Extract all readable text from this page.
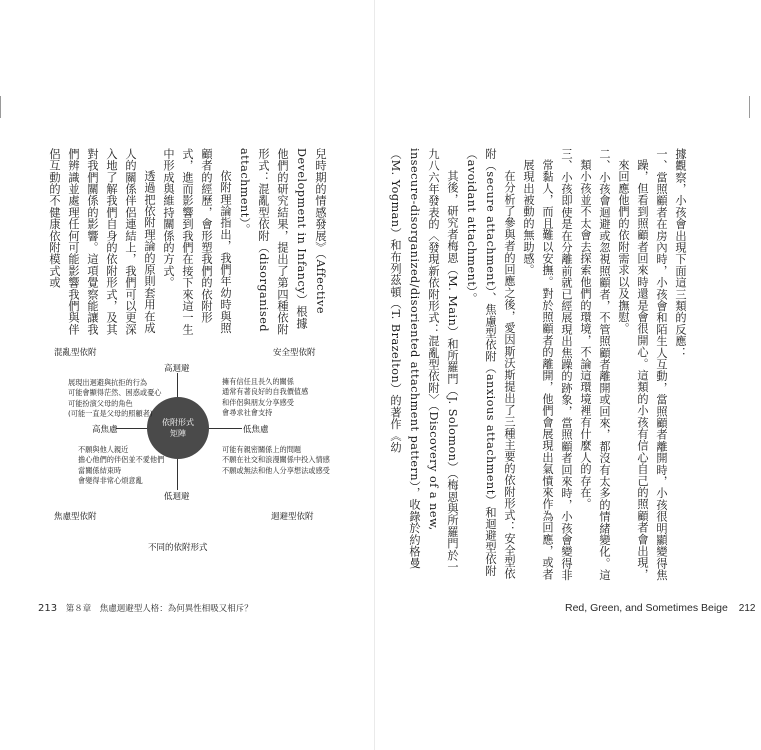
兒時期的情感發展》（Affective Development in Infancy）根據他們的研究結果，提出了第四種依附形式：混亂型依附（disorganised attachment）。

依附理論指出，我們年幼時與照顧者的經歷，會形塑我們的依附形式，進而影響到我們在接下來這一生中形成與維持關係的方式。

透過把依附理論的原則套用在成人的關係伴侶連結上，我們可以更深入地了解我們自身的依附形式，及其對我們關係的影響。這項覺察能讓我們辨識並處理任何可能影響我們與伴侶互動的不健康依附模式或

混亂型依附	安全型依附
焦慮型依附	迴避型依附
高迴避
低迴避
高焦慮	低焦慮
依附形式
矩陣
展現出迴避與抗拒的行為
可能會顯得茫然、困惑或憂心
可能扮演父母的角色
(可能一直是父母的照顧者)
擁有信任且長久的關係
通常有著良好的自我價值感
和伴侶與朋友分享感受
會尋求社會支持
不願與他人親近
擔心他們的伴侶並不愛他們
當關係結束時
會變得非常心煩意亂
可能有親密關係上的問題
不願在社交和浪漫關係中投入情感
不願或無法和他人分享想法或感受
不同的依附形式
213 第８章　焦慮迴避型人格：為何異性相吸又相斥？

據觀察，小孩會出現下面這三類的反應：

一、當照顧者在房內時，小孩會和陌生人互動，當照顧者離開時，小孩很明顯變得焦躁，但看到照顧者回來時還是會很開心。這類的小孩有信心自己的照顧者會出現，來回應他們的依附需求以及撫慰。

二、小孩會迴避或忽視照顧者，不管照顧者離開或回來，都沒有太多的情緒變化。這類小孩並不太會去探索他們的環境，不論這環境裡有什麼人的存在。

三、小孩即使是在分離前就已經展現出焦躁的跡象，當照顧者回來時，小孩會變得非常黏人，而且難以安撫。對於照顧者的離開，他們會展現出氣憤來作為回應，或者展現出被動的無助感。

在分析了參與者的回應之後，愛因斯沃斯提出了三種主要的依附形式：安全型依附（secure attachment）、焦慮型依附（anxious attachment）和迴避型依附（avoidant attachment）。

其後，研究者梅恩（M. Main）和所羅門（J. Solomon）（梅恩與所羅門於一九八六年發表的〈發現新依附形式：混亂型依附〉（Discovery of a new, insecure-disorganized/disoriented attachment pattern），收錄於約格曼（M. Yogman）和布列茲頓（T. Brazelton）的著作《幼

Red, Green, and Sometimes Beige 212
